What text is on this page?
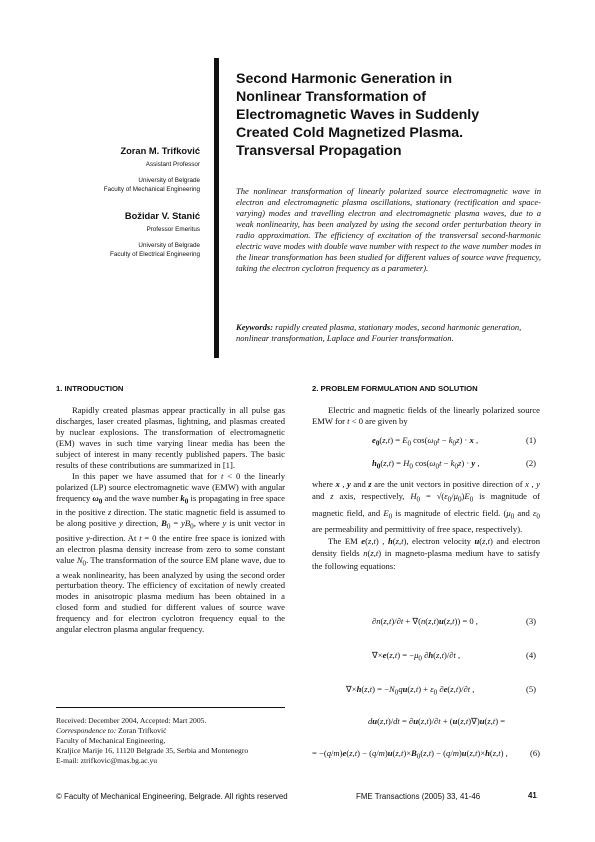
Zoran M. Trifković
Assistant Professor
University of Belgrade
Faculty of Mechanical Engineering
Božidar V. Stanić
Professor Emeritus
University of Belgrade
Faculty of Electrical Engineering
Second Harmonic Generation in
Nonlinear Transformation of
Electromagnetic Waves in Suddenly
Created Cold Magnetized Plasma.
Transversal Propagation
The nonlinear transformation of linearly polarized source electromagnetic wave in electron and electromagnetic plasma oscillations, stationary (rectification and space-varying) modes and travelling electron and electromagnetic plasma waves, due to a weak nonlinearity, has been analyzed by using the second order perturbation theory in radio approximation. The efficiency of excitation of the transversal second-harmonic electric wave modes with double wave number with respect to the wave number modes in the linear transformation has been studied for different values of source wave frequency, taking the electron cyclotron frequency as a parameter).
Keywords: rapidly created plasma, stationary modes, second harmonic generation, nonlinear transformation, Laplace and Fourier transformation.
1. INTRODUCTION

Rapidly created plasmas appear practically in all pulse gas discharges, laser created plasmas, lightning, and plasmas created by nuclear explosions. The transformation of electromagnetic (EM) waves in such time varying linear media has been the subject of interest in many recently published papers. The basic results of these contributions are summarized in [1].

In this paper we have assumed that for t < 0 the linearly polarized (LP) source electromagnetic wave (EMW) with angular frequency $\omega_0$ and the wave number $k_0$ is propagating in free space in the positive z direction. The static magnetic field is assumed to be along positive y direction, $B_0 = yB_0$, where y is unit vector in positive y-direction. At t = 0 the entire free space is ionized with an electron plasma density increase from zero to some constant value $N_0$. The transformation of the source EM plane wave, due to a weak nonlinearity, has been analyzed by using the second order perturbation theory. The efficiency of excitation of newly created modes in anisotropic plasma medium has been obtained in a closed form and studied for different values of source wave frequency and for electron cyclotron frequency equal to the angular electron plasma angular frequency.

2. PROBLEM FORMULATION AND SOLUTION

Electric and magnetic fields of the linearly polarized source EMW for t < 0 are given by

$e_0(z,t) = E_0$ $\cos(\omega_0t - k_0z) \cdot x$ ,	(1)
$h_0(z,t) = H_0$ $\cos(\omega_0t - k_0z) \cdot y$ ,	(2)

where x , y and z are the unit vectors in positive direction of x , y and z axis, respectively, $H_0 = √(\varepsilon_0/\mu_0)E_0$ is magnitude of magnetic field, and $E_0$ is magnitude of electric field. ($\mu_0$ and $\varepsilon_0$ are permeability and permittivity of free space, respectively).

The EM e(z,t) , h(z,t), electron velocity u(z,t) and electron density fields n(z,t) in magneto-plasma medium have to satisfy the following equations:

∂n(z,t)/∂t + ∇(n(z,t)u(z,t)) = 0 ,	(3)
$\nabla\times e(z,t) = -\mu_0$ ∂h(z,t)/∂t ,	(4)
$\nabla\times h(z,t) = -N_0qu(z,t) + \varepsilon_0$ ∂e(z,t)/∂t ,	(5)
du(z,t)/dt = ∂u(z,t)/∂t + (u(z,t)∇)u(z,t) =
= $-(q/m)e(z,t) - (q/m)u(z,t)\times B_0(z,t) - (q/m)u(z,t)\times h(z,t)$ ,	(6)
Received: December 2004, Accepted: Mart 2005.
Correspondence to: Zoran Trifković
Faculty of Mechanical Engineering,
Kraljice Marije 16, 11120 Belgrade 35, Serbia and Montenegro
E-mail: ztrifkovic@mas.bg.ac.yu
© Faculty of Mechanical Engineering, Belgrade. All rights reserved	FME Transactions (2005) 33, 41-46	41
